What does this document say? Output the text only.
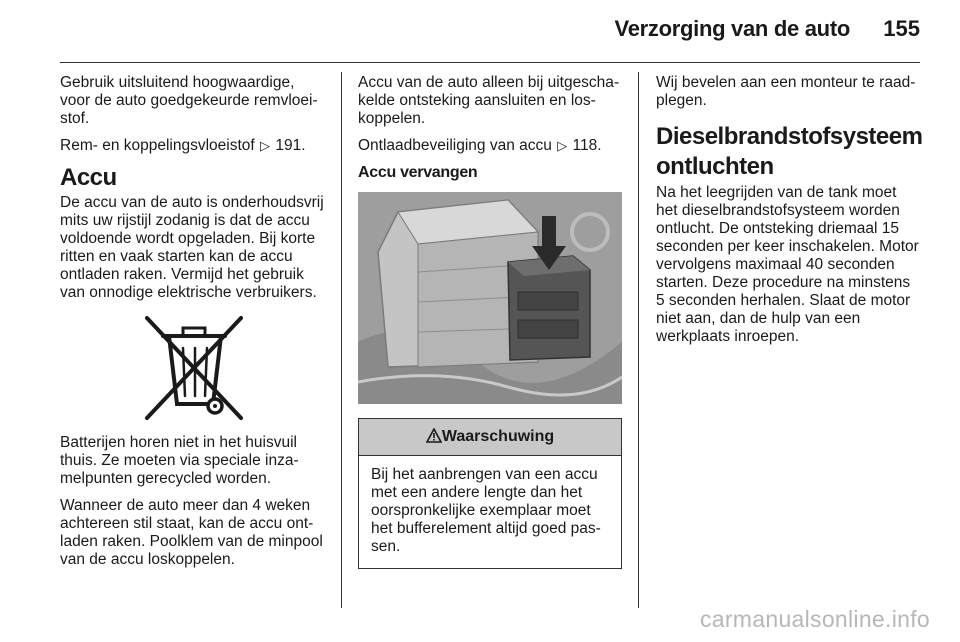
Verzorging van de auto	155

Gebruik uitsluitend hoogwaardige, voor de auto goedgekeurde remvloeistof.

Rem- en koppelingsvloeistof ▷ 191.

Accu

De accu van de auto is onderhoudsvrij mits uw rijstijl zodanig is dat de accu voldoende wordt opgeladen. Bij korte ritten en vaak starten kan de accu ontladen raken. Vermijd het gebruik van onnodige elektrische verbruikers.

Batterijen horen niet in het huisvuil thuis. Ze moeten via speciale inzamelpunten gerecycled worden.

Wanneer de auto meer dan 4 weken achtereen stil staat, kan de accu ontladen raken. Poolklem van de minpool van de accu loskoppelen.

Accu van de auto alleen bij uitgeschakelde ontsteking aansluiten en loskoppelen.

Ontlaadbeveiliging van accu ▷ 118.

Accu vervangen
Waarschuwing
Bij het aanbrengen van een accu met een andere lengte dan het oorspronkelijke exemplaar moet het bufferelement altijd goed passen.

Wij bevelen aan een monteur te raadplegen.

Dieselbrandstofsysteem ontluchten

Na het leegrijden van de tank moet het dieselbrandstofsysteem worden ontlucht. De ontsteking driemaal 15 seconden per keer inschakelen. Motor vervolgens maximaal 40 seconden starten. Deze procedure na minstens 5 seconden herhalen. Slaat de motor niet aan, dan de hulp van een werkplaats inroepen.

carmanualsonline.info
